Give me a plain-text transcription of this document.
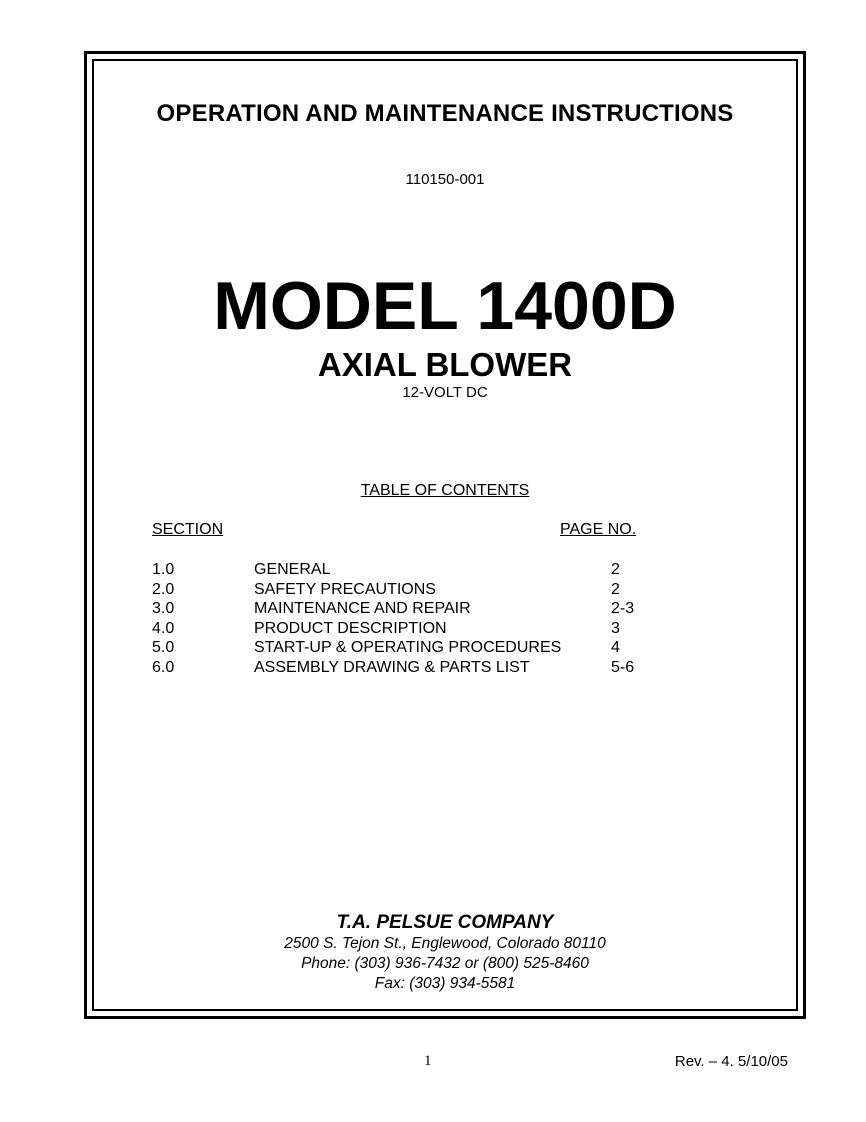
OPERATION AND MAINTENANCE INSTRUCTIONS
110150-001
MODEL 1400D
AXIAL BLOWER
12-VOLT DC
TABLE OF CONTENTS
SECTION	PAGE NO.
1.0	GENERAL	2
2.0	SAFETY PRECAUTIONS	2
3.0	MAINTENANCE AND REPAIR	2-3
4.0	PRODUCT DESCRIPTION	3
5.0	START-UP & OPERATING PROCEDURES	4
6.0	ASSEMBLY DRAWING & PARTS LIST	5-6
T.A. PELSUE COMPANY
2500 S. Tejon St., Englewood, Colorado 80110
Phone: (303) 936-7432 or (800) 525-8460
Fax: (303) 934-5581
1	Rev. – 4. 5/10/05
